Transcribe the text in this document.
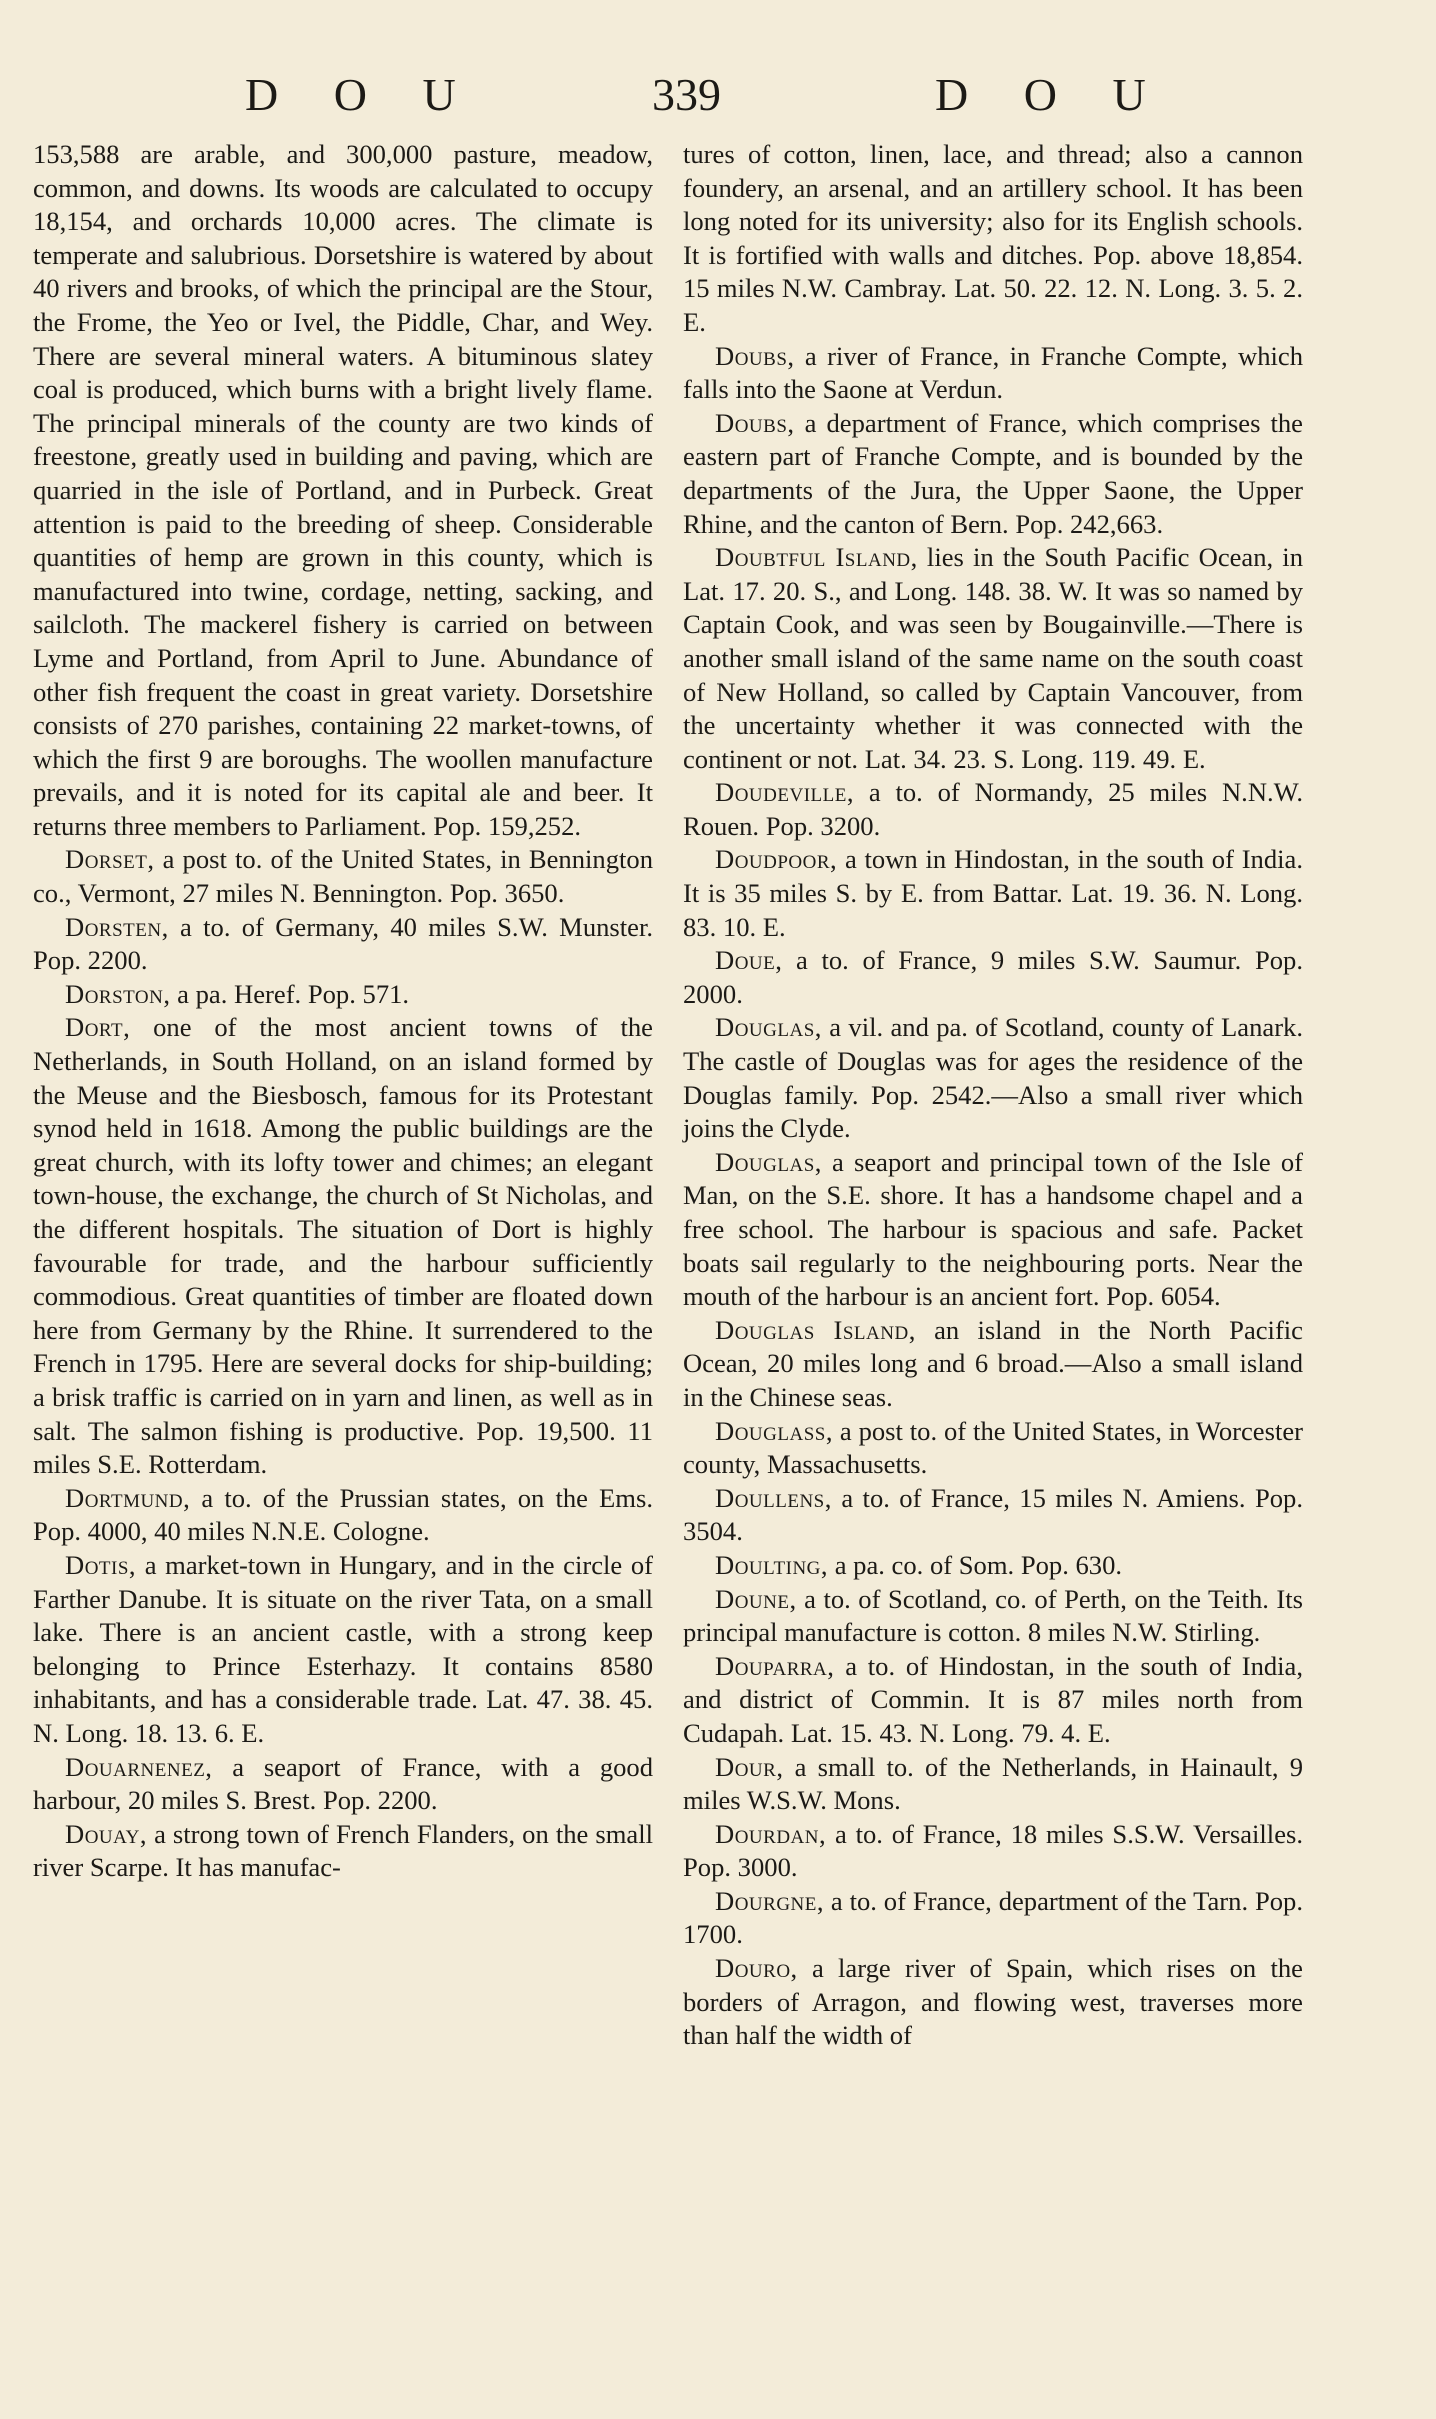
D O U	339	D O U

153,588 are arable, and 300,000 pasture, meadow, common, and downs. Its woods are calculated to occupy 18,154, and orchards 10,000 acres. The climate is temperate and salubrious. Dorsetshire is watered by about 40 rivers and brooks, of which the principal are the Stour, the Frome, the Yeo or Ivel, the Piddle, Char, and Wey. There are several mineral waters. A bituminous slatey coal is produced, which burns with a bright lively flame. The principal minerals of the county are two kinds of freestone, greatly used in building and paving, which are quarried in the isle of Portland, and in Purbeck. Great attention is paid to the breeding of sheep. Considerable quantities of hemp are grown in this county, which is manufactured into twine, cordage, netting, sacking, and sailcloth. The mackerel fishery is carried on between Lyme and Portland, from April to June. Abundance of other fish frequent the coast in great variety. Dorsetshire consists of 270 parishes, containing 22 market-towns, of which the first 9 are boroughs. The woollen manufacture prevails, and it is noted for its capital ale and beer. It returns three members to Parliament. Pop. 159,252.

Dorset, a post to. of the United States, in Bennington co., Vermont, 27 miles N. Bennington. Pop. 3650.

Dorsten, a to. of Germany, 40 miles S.W. Munster. Pop. 2200.

Dorston, a pa. Heref. Pop. 571.

Dort, one of the most ancient towns of the Netherlands, in South Holland, on an island formed by the Meuse and the Biesbosch, famous for its Protestant synod held in 1618. Among the public buildings are the great church, with its lofty tower and chimes; an elegant town-house, the exchange, the church of St Nicholas, and the different hospitals. The situation of Dort is highly favourable for trade, and the harbour sufficiently commodious. Great quantities of timber are floated down here from Germany by the Rhine. It surrendered to the French in 1795. Here are several docks for ship-building; a brisk traffic is carried on in yarn and linen, as well as in salt. The salmon fishing is productive. Pop. 19,500. 11 miles S.E. Rotterdam.

Dortmund, a to. of the Prussian states, on the Ems. Pop. 4000, 40 miles N.N.E. Cologne.

Dotis, a market-town in Hungary, and in the circle of Farther Danube. It is situate on the river Tata, on a small lake. There is an ancient castle, with a strong keep belonging to Prince Esterhazy. It contains 8580 inhabitants, and has a considerable trade. Lat. 47. 38. 45. N. Long. 18. 13. 6. E.

Douarnenez, a seaport of France, with a good harbour, 20 miles S. Brest. Pop. 2200.

Douay, a strong town of French Flanders, on the small river Scarpe. It has manufac-

tures of cotton, linen, lace, and thread; also a cannon foundery, an arsenal, and an artillery school. It has been long noted for its university; also for its English schools. It is fortified with walls and ditches. Pop. above 18,854. 15 miles N.W. Cambray. Lat. 50. 22. 12. N. Long. 3. 5. 2. E.

Doubs, a river of France, in Franche Compte, which falls into the Saone at Verdun.

Doubs, a department of France, which comprises the eastern part of Franche Compte, and is bounded by the departments of the Jura, the Upper Saone, the Upper Rhine, and the canton of Bern. Pop. 242,663.

Doubtful Island, lies in the South Pacific Ocean, in Lat. 17. 20. S., and Long. 148. 38. W. It was so named by Captain Cook, and was seen by Bougainville.—There is another small island of the same name on the south coast of New Holland, so called by Captain Vancouver, from the uncertainty whether it was connected with the continent or not. Lat. 34. 23. S. Long. 119. 49. E.

Doudeville, a to. of Normandy, 25 miles N.N.W. Rouen. Pop. 3200.

Doudpoor, a town in Hindostan, in the south of India. It is 35 miles S. by E. from Battar. Lat. 19. 36. N. Long. 83. 10. E.

Doue, a to. of France, 9 miles S.W. Saumur. Pop. 2000.

Douglas, a vil. and pa. of Scotland, county of Lanark. The castle of Douglas was for ages the residence of the Douglas family. Pop. 2542.—Also a small river which joins the Clyde.

Douglas, a seaport and principal town of the Isle of Man, on the S.E. shore. It has a handsome chapel and a free school. The harbour is spacious and safe. Packet boats sail regularly to the neighbouring ports. Near the mouth of the harbour is an ancient fort. Pop. 6054.

Douglas Island, an island in the North Pacific Ocean, 20 miles long and 6 broad.—Also a small island in the Chinese seas.

Douglass, a post to. of the United States, in Worcester county, Massachusetts.

Doullens, a to. of France, 15 miles N. Amiens. Pop. 3504.

Doulting, a pa. co. of Som. Pop. 630.

Doune, a to. of Scotland, co. of Perth, on the Teith. Its principal manufacture is cotton. 8 miles N.W. Stirling.

Douparra, a to. of Hindostan, in the south of India, and district of Commin. It is 87 miles north from Cudapah. Lat. 15. 43. N. Long. 79. 4. E.

Dour, a small to. of the Netherlands, in Hainault, 9 miles W.S.W. Mons.

Dourdan, a to. of France, 18 miles S.S.W. Versailles. Pop. 3000.

Dourgne, a to. of France, department of the Tarn. Pop. 1700.

Douro, a large river of Spain, which rises on the borders of Arragon, and flowing west, traverses more than half the width of
